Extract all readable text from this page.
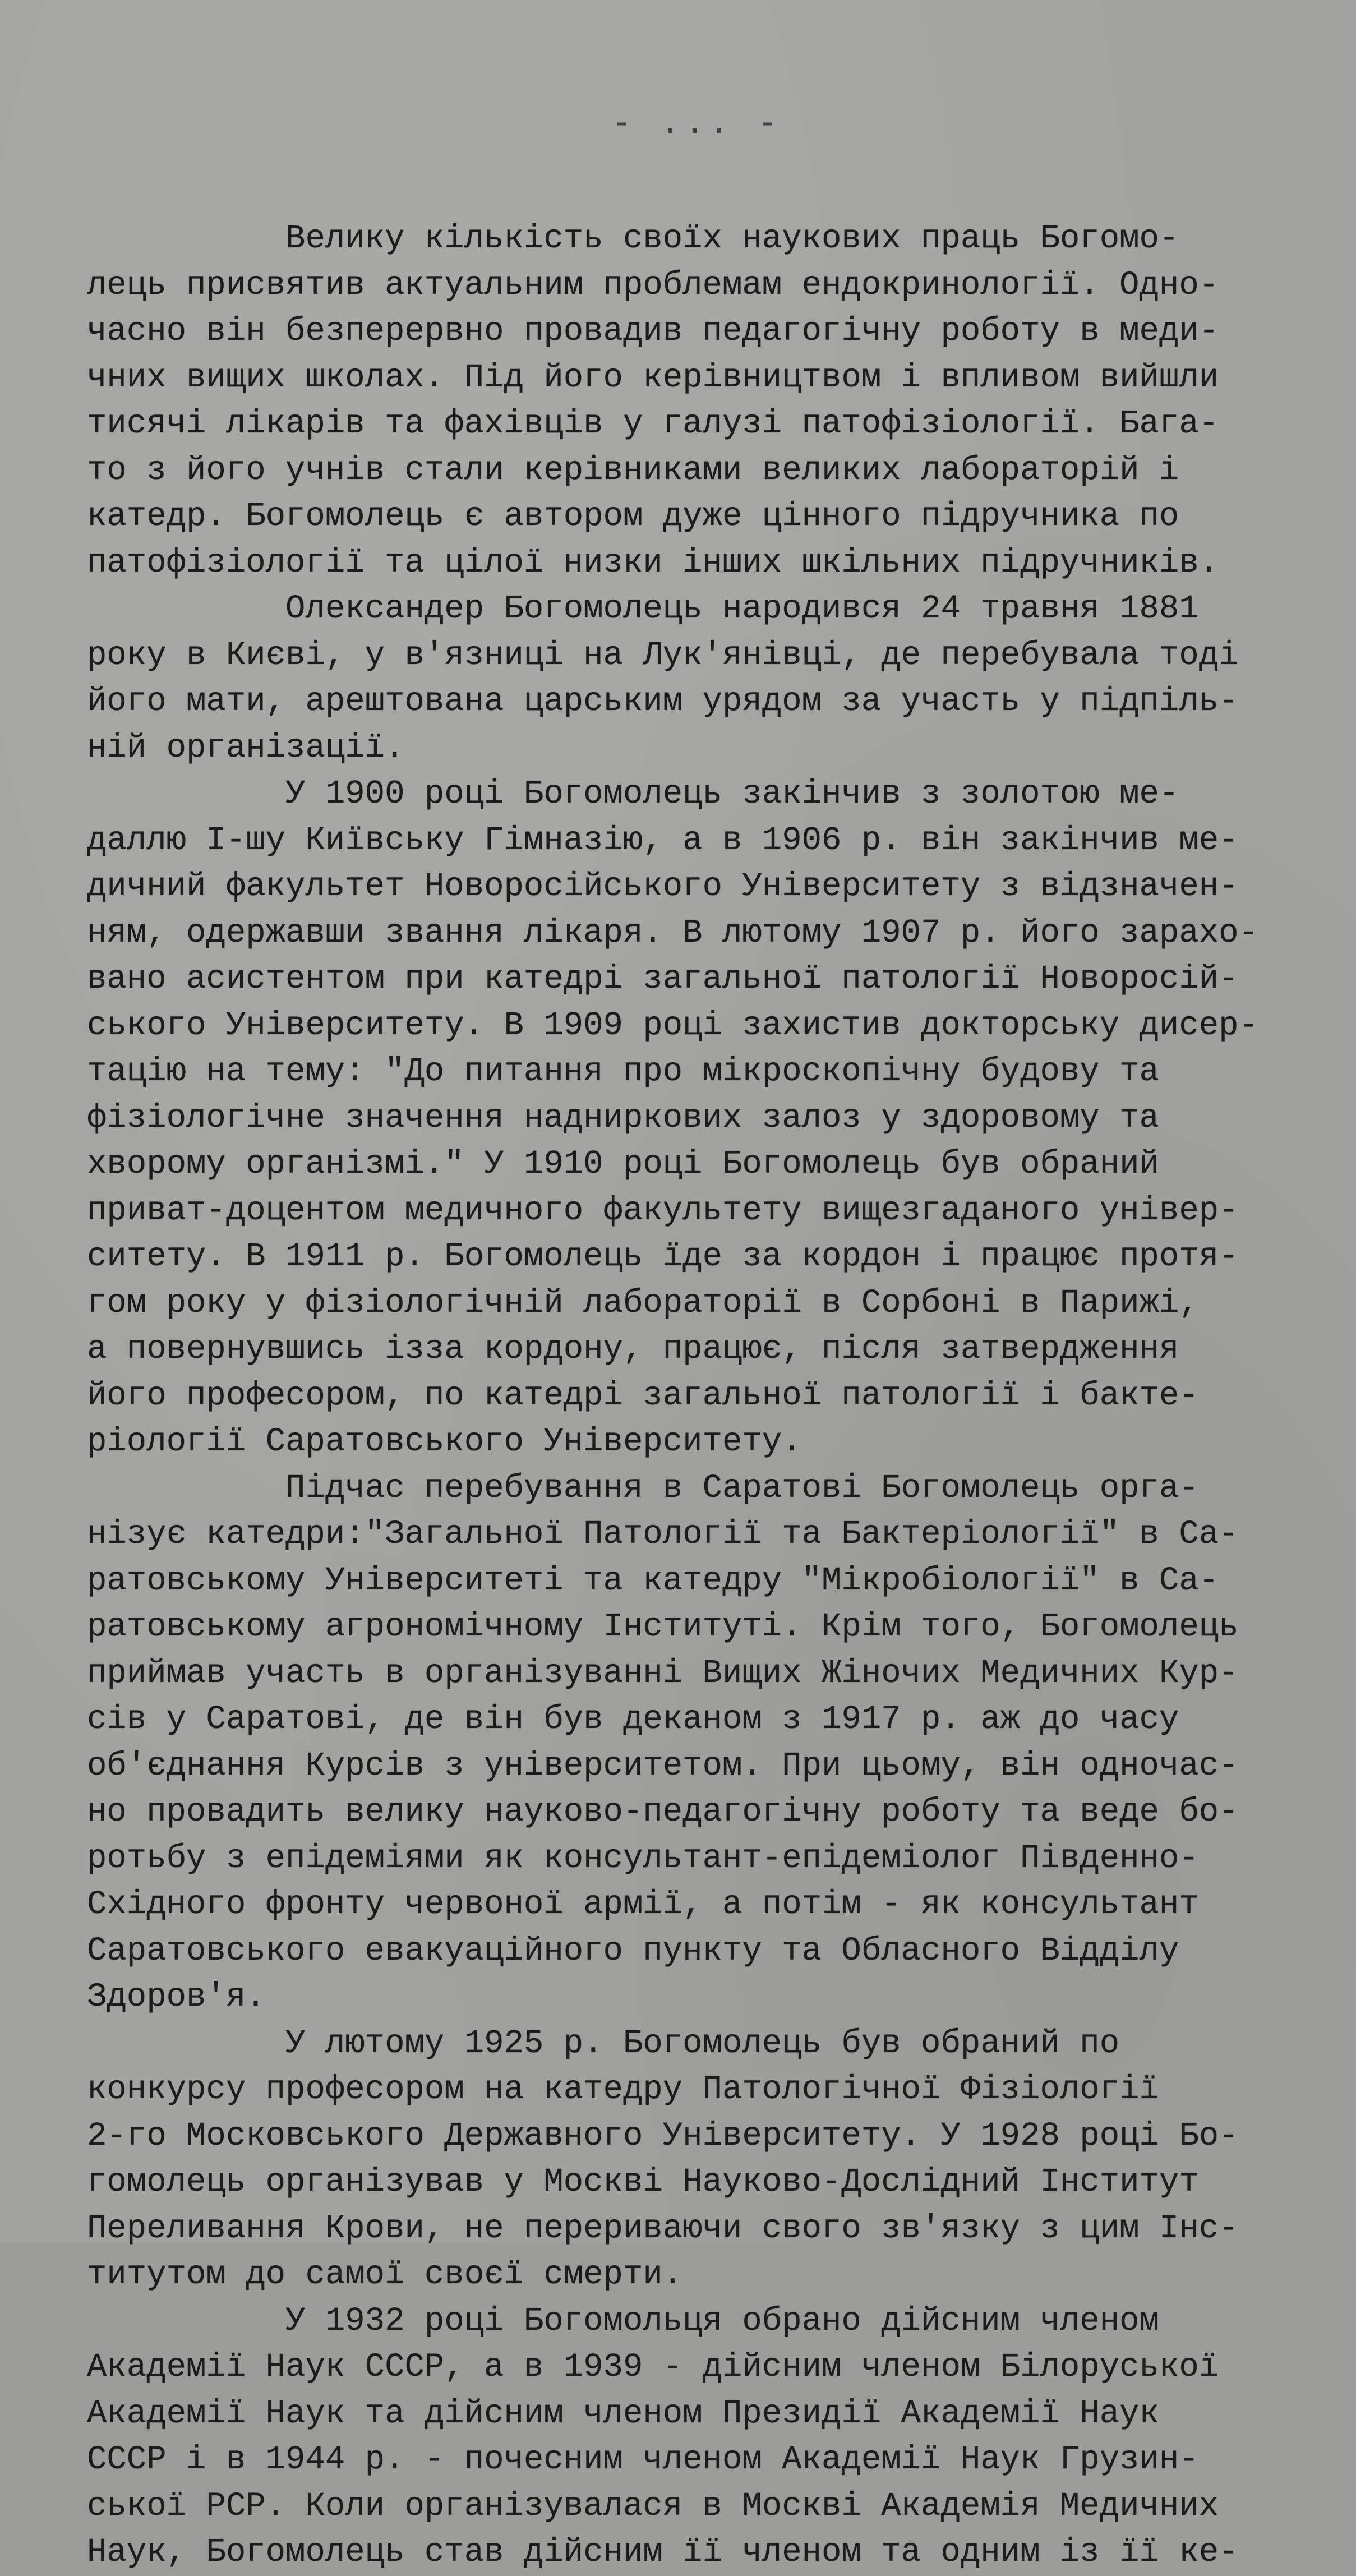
- ... -
Велику кількість своїх наукових праць Богомо-
лець присвятив актуальним проблемам ендокринології. Одно-
часно він безперервно провадив педагогічну роботу в меди-
чних вищих школах. Під його керівництвом і впливом вийшли
тисячі лікарів та фахівців у галузі патофізіології. Бага-
то з його учнів стали керівниками великих лабораторій і
катедр. Богомолець є автором дуже цінного підручника по
патофізіології та цілої низки інших шкільних підручників.
Олександер Богомолець народився 24 травня 1881
року в Києві, у в'язниці на Лук'янівці, де перебувала тоді
його мати, арештована царським урядом за участь у підпіль-
ній організації.
У 1900 році Богомолець закінчив з золотою ме-
даллю I-шу Київську Гімназію, а в 1906 р. він закінчив ме-
дичний факультет Новоросійського Університету з відзначен-
ням, одержавши звання лікаря. В лютому 1907 р. його зарахо-
вано асистентом при катедрі загальної патології Новоросій-
ського Університету. В 1909 році захистив докторську дисер-
тацію на тему: "До питання про мікроскопічну будову та
фізіологічне значення надниркових залоз у здоровому та
хворому організмі." У 1910 році Богомолець був обраний
приват-доцентом медичного факультету вищезгаданого універ-
ситету. В 1911 р. Богомолець їде за кордон і працює протя-
гом року у фізіологічній лабораторії в Сорбоні в Парижі,
а повернувшись ізза кордону, працює, після затвердження
його професором, по катедрі загальної патології і бакте-
ріології Саратовського Університету.
Підчас перебування в Саратові Богомолець орга-
нізує катедри:"Загальної Патології та Бактеріології" в Са-
ратовському Університеті та катедру "Мікробіології" в Са-
ратовському агрономічному Інституті. Крім того, Богомолець
приймав участь в організуванні Вищих Жіночих Медичних Кур-
сів у Саратові, де він був деканом з 1917 р. аж до часу
об'єднання Курсів з університетом. При цьому, він одночас-
но провадить велику науково-педагогічну роботу та веде бо-
ротьбу з епідеміями як консультант-епідеміолог Південно-
Східного фронту червоної армії, а потім - як консультант
Саратовського евакуаційного пункту та Обласного Відділу
Здоров'я.
У лютому 1925 р. Богомолець був обраний по
конкурсу професором на катедру Патологічної Фізіології
2-го Московського Державного Університету. У 1928 році Бо-
гомолець організував у Москві Науково-Дослідний Інститут
Переливання Крови, не перериваючи свого зв'язку з цим Інс-
титутом до самої своєї смерти.
У 1932 році Богомольця обрано дійсним членом
Академії Наук СССР, а в 1939 - дійсним членом Білоруської
Академії Наук та дійсним членом Президії Академії Наук
СССР і в 1944 р. - почесним членом Академії Наук Грузин-
ської РСР. Коли організувалася в Москві Академія Медичних
Наук, Богомолець став дійсним її членом та одним із її ке-
